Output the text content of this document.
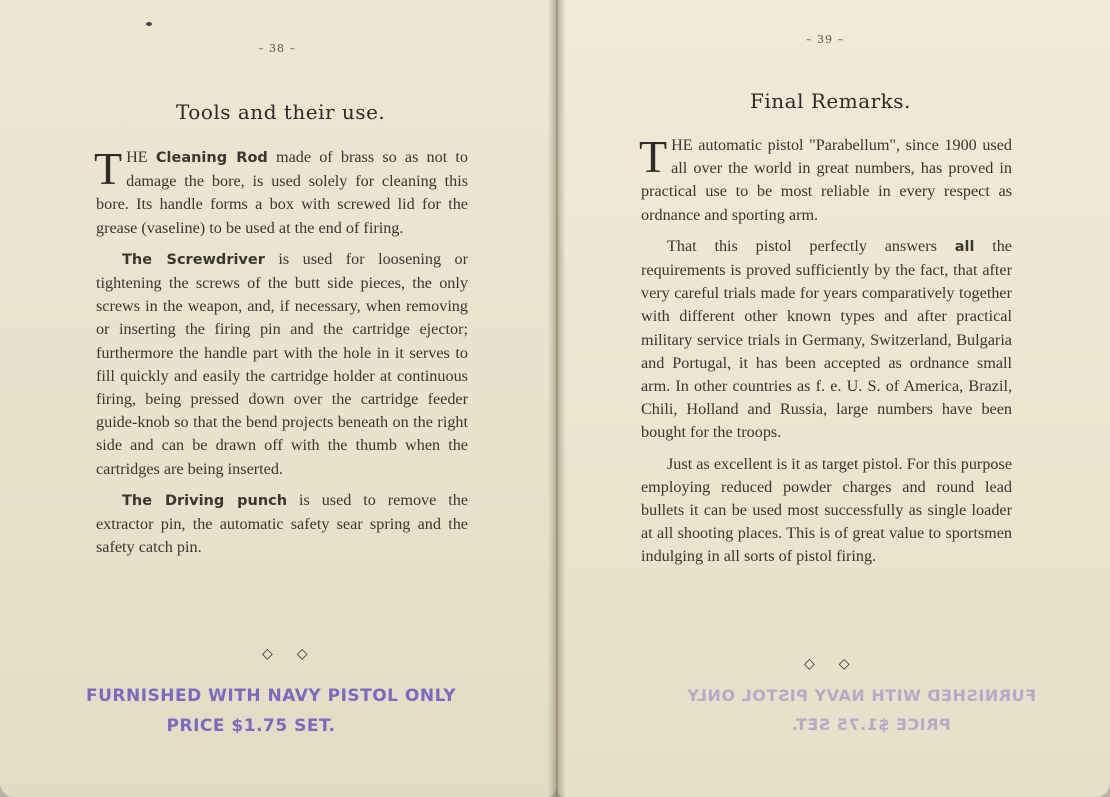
– 38 –
Tools and their use.

THE Cleaning Rod made of brass so as not to damage the bore, is used solely for cleaning this bore. Its handle forms a box with screwed lid for the grease (vaseline) to be used at the end of firing.

The Screwdriver is used for loosening or tightening the screws of the butt side pieces, the only screws in the weapon, and, if necessary, when removing or inserting the firing pin and the cartridge ejector; furthermore the handle part with the hole in it serves to fill quickly and easily the cartridge holder at continuous firing, being pressed down over the cartridge feeder guide-knob so that the bend projects beneath on the right side and can be drawn off with the thumb when the cartridges are being inserted.

The Driving punch is used to remove the extractor pin, the automatic safety sear spring and the safety catch pin.

◇◇
FURNISHED WITH NAVY PISTOL ONLY
PRICE $1.75 SET.
– 39 –
Final Remarks.

THE automatic pistol "Parabellum", since 1900 used all over the world in great numbers, has proved in practical use to be most reliable in every respect as ordnance and sporting arm.

That this pistol perfectly answers all the requirements is proved sufficiently by the fact, that after very careful trials made for years comparatively together with different other known types and after practical military service trials in Germany, Switzerland, Bulgaria and Portugal, it has been accepted as ordnance small arm. In other countries as f. e. U. S. of America, Brazil, Chili, Holland and Russia, large numbers have been bought for the troops.

Just as excellent is it as target pistol. For this purpose employing reduced powder charges and round lead bullets it can be used most successfully as single loader at all shooting places. This is of great value to sportsmen indulging in all sorts of pistol firing.

◇◇
FURNISHED WITH NAVY PISTOL ONLY
PRICE $1.75 SET.
